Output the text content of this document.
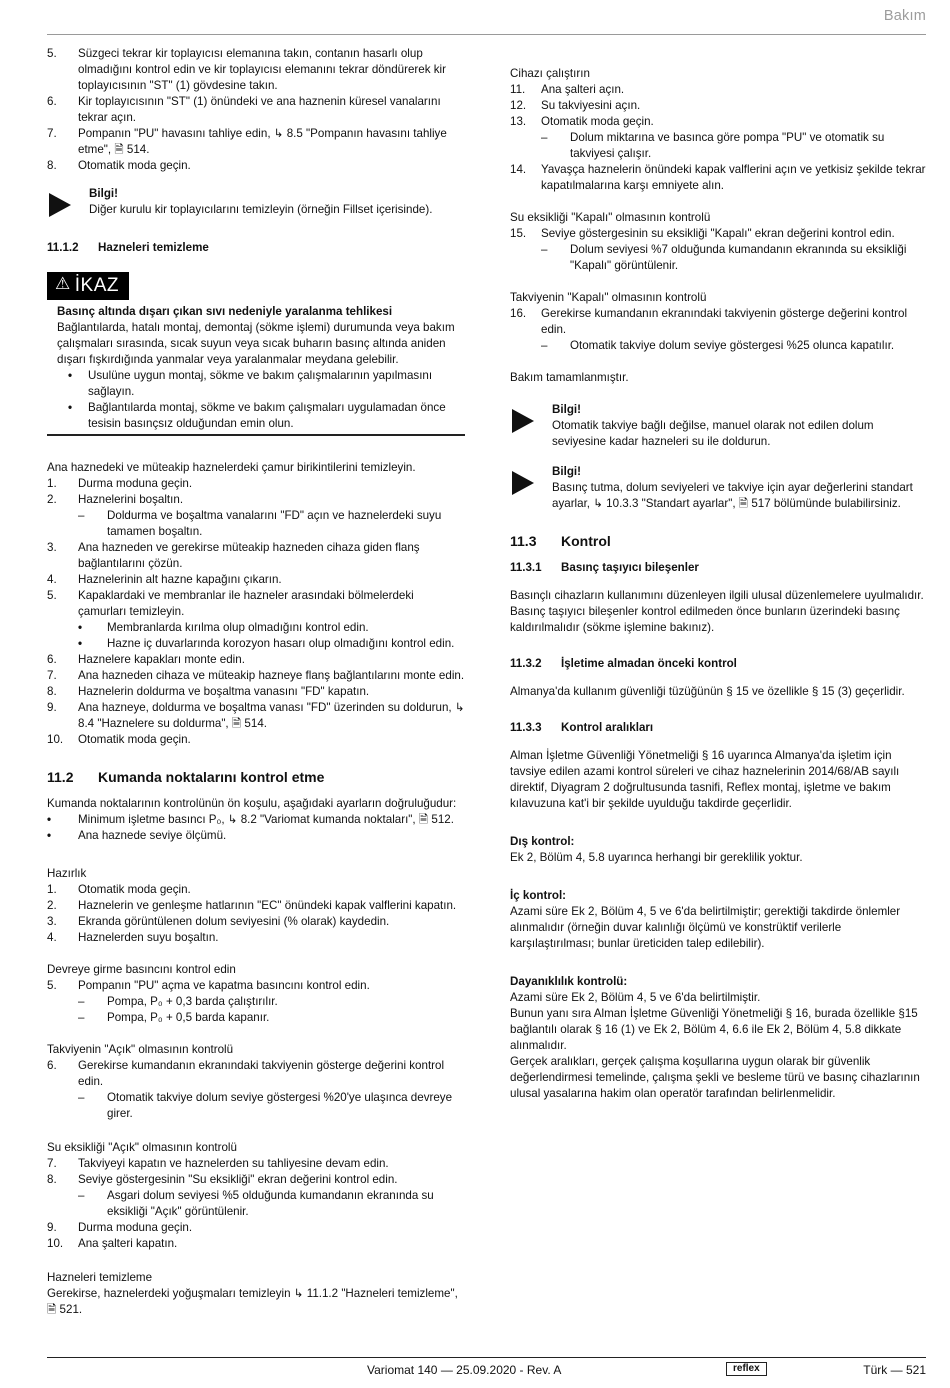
Bakım
5. Süzgeci tekrar kir toplayıcısı elemanına takın, contanın hasarlı olup olmadığını kontrol edin ve kir toplayıcısı elemanını tekrar döndürerek kir toplayıcısının "ST" (1) gövdesine takın.
6. Kir toplayıcısının "ST" (1) önündeki ve ana haznenin küresel vanalarını tekrar açın.
7. Pompanın "PU" havasını tahliye edin, ↳ 8.5 "Pompanın havasını tahliye etme", 🗎 514.
8. Otomatik moda geçin.
Bilgi!
Diğer kurulu kir toplayıcılarını temizleyin (örneğin Fillset içerisinde).
11.1.2 Hazneleri temizleme
⚠ İKAZ
Basınç altında dışarı çıkan sıvı nedeniyle yaralanma tehlikesi
Bağlantılarda, hatalı montaj, demontaj (sökme işlemi) durumunda veya bakım çalışmaları sırasında, sıcak suyun veya sıcak buharın basınç altında aniden dışarı fışkırdığında yanmalar veya yaralanmalar meydana gelebilir.
• Usulüne uygun montaj, sökme ve bakım çalışmalarının yapılmasını sağlayın.
• Bağlantılarda montaj, sökme ve bakım çalışmaları uygulamadan önce tesisin basınçsız olduğundan emin olun.
Ana haznedeki ve müteakip haznelerdeki çamur birikintilerini temizleyin.
1. Durma moduna geçin.
2. Haznelerini boşaltın.
– Doldurma ve boşaltma vanalarını "FD" açın ve haznelerdeki suyu tamamen boşaltın.
3. Ana hazneden ve gerekirse müteakip hazneden cihaza giden flanş bağlantılarını çözün.
4. Haznelerinin alt hazne kapağını çıkarın.
5. Kapaklardaki ve membranlar ile hazneler arasındaki bölmelerdeki çamurları temizleyin.
• Membranlarda kırılma olup olmadığını kontrol edin.
• Hazne iç duvarlarında korozyon hasarı olup olmadığını kontrol edin.
6. Haznelere kapakları monte edin.
7. Ana hazneden cihaza ve müteakip hazneye flanş bağlantılarını monte edin.
8. Haznelerin doldurma ve boşaltma vanasını "FD" kapatın.
9. Ana hazneye, doldurma ve boşaltma vanası "FD" üzerinden su doldurun, ↳ 8.4 "Haznelere su doldurma", 🗎 514.
10. Otomatik moda geçin.
11.2 Kumanda noktalarını kontrol etme
Kumanda noktalarının kontrolünün ön koşulu, aşağıdaki ayarların doğruluğudur:
• Minimum işletme basıncı P₀, ↳ 8.2 "Variomat kumanda noktaları", 🗎 512.
• Ana haznede seviye ölçümü.
Hazırlık
1. Otomatik moda geçin.
2. Haznelerin ve genleşme hatlarının "EC" önündeki kapak valflerini kapatın.
3. Ekranda görüntülenen dolum seviyesini (% olarak) kaydedin.
4. Haznelerden suyu boşaltın.
Devreye girme basıncını kontrol edin
5. Pompanın "PU" açma ve kapatma basıncını kontrol edin.
– Pompa, P₀ + 0,3 barda çalıştırılır.
– Pompa, P₀ + 0,5 barda kapanır.
Takviyenin "Açık" olmasının kontrolü
6. Gerekirse kumandanın ekranındaki takviyenin gösterge değerini kontrol edin.
– Otomatik takviye dolum seviye göstergesi %20'ye ulaşınca devreye girer.
Su eksikliği "Açık" olmasının kontrolü
7. Takviyeyi kapatın ve haznelerden su tahliyesine devam edin.
8. Seviye göstergesinin "Su eksikliği" ekran değerini kontrol edin.
– Asgari dolum seviyesi %5 olduğunda kumandanın ekranında su eksikliği "Açık" görüntülenir.
9. Durma moduna geçin.
10. Ana şalteri kapatın.
Hazneleri temizleme
Gerekirse, haznelerdeki yoğuşmaları temizleyin ↳ 11.1.2 "Hazneleri temizleme", 🗎 521.
Cihazı çalıştırın
11. Ana şalteri açın.
12. Su takviyesini açın.
13. Otomatik moda geçin.
– Dolum miktarına ve basınca göre pompa "PU" ve otomatik su takviyesi çalışır.
14. Yavaşça haznelerin önündeki kapak valflerini açın ve yetkisiz şekilde tekrar kapatılmalarına karşı emniyete alın.
Su eksikliği "Kapalı" olmasının kontrolü
15. Seviye göstergesinin su eksikliği "Kapalı" ekran değerini kontrol edin.
– Dolum seviyesi %7 olduğunda kumandanın ekranında su eksikliği "Kapalı" görüntülenir.
Takviyenin "Kapalı" olmasının kontrolü
16. Gerekirse kumandanın ekranındaki takviyenin gösterge değerini kontrol edin.
– Otomatik takviye dolum seviye göstergesi %25 olunca kapatılır.
Bakım tamamlanmıştır.
Bilgi!
Otomatik takviye bağlı değilse, manuel olarak not edilen dolum seviyesine kadar hazneleri su ile doldurun.
Bilgi!
Basınç tutma, dolum seviyeleri ve takviye için ayar değerlerini standart ayarlar, ↳ 10.3.3 "Standart ayarlar", 🗎 517 bölümünde bulabilirsiniz.
11.3 Kontrol
11.3.1 Basınç taşıyıcı bileşenler
Basınçlı cihazların kullanımını düzenleyen ilgili ulusal düzenlemelere uyulmalıdır. Basınç taşıyıcı bileşenler kontrol edilmeden önce bunların üzerindeki basınç kaldırılmalıdır (sökme işlemine bakınız).
11.3.2 İşletime almadan önceki kontrol
Almanya'da kullanım güvenliği tüzüğünün § 15 ve özellikle § 15 (3) geçerlidir.
11.3.3 Kontrol aralıkları
Alman İşletme Güvenliği Yönetmeliği § 16 uyarınca Almanya'da işletim için tavsiye edilen azami kontrol süreleri ve cihaz haznelerinin 2014/68/AB sayılı direktif, Diyagram 2 doğrultusunda tasnifi, Reflex montaj, işletme ve bakım kılavuzuna kat'i bir şekilde uyulduğu takdirde geçerlidir.
Dış kontrol:
Ek 2, Bölüm 4, 5.8 uyarınca herhangi bir gereklilik yoktur.
İç kontrol:
Azami süre Ek 2, Bölüm 4, 5 ve 6'da belirtilmiştir; gerektiği takdirde önlemler alınmalıdır (örneğin duvar kalınlığı ölçümü ve konstrüktif verilerle karşılaştırılması; bunlar üreticiden talep edilebilir).
Dayanıklılık kontrolü:
Azami süre Ek 2, Bölüm 4, 5 ve 6'da belirtilmiştir.
Bunun yanı sıra Alman İşletme Güvenliği Yönetmeliği § 16, burada özellikle §15 bağlantılı olarak § 16 (1) ve Ek 2, Bölüm 4, 6.6 ile Ek 2, Bölüm 4, 5.8 dikkate alınmalıdır.
Gerçek aralıkları, gerçek çalışma koşullarına uygun olarak bir güvenlik değerlendirmesi temelinde, çalışma şekli ve besleme türü ve basınç cihazlarının ulusal yasalarına hakim olan operatör tarafından belirlenmelidir.
Variomat 140 — 25.09.2020 - Rev. A	reflex	Türk — 521
